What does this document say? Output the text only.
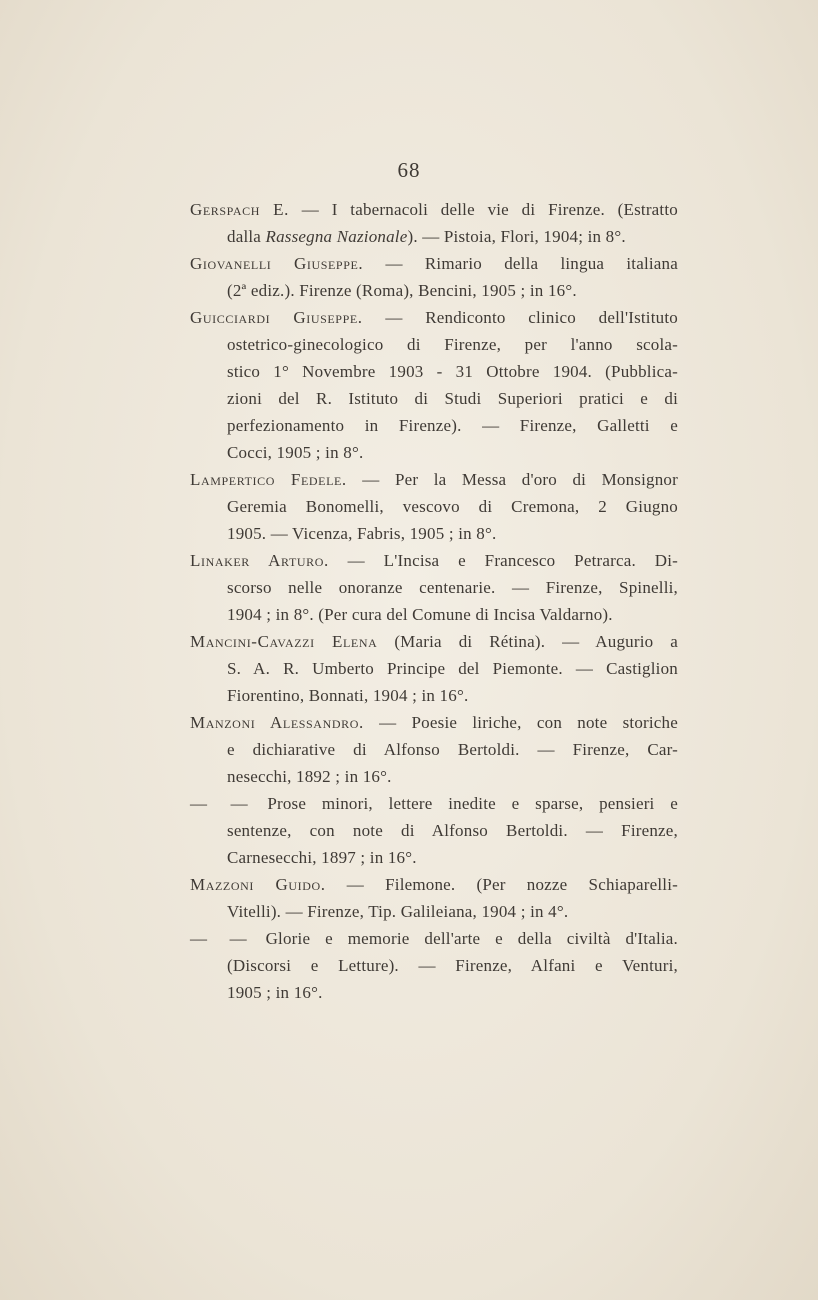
68
Gerspach E. — I tabernacoli delle vie di Firenze. (Estratto
dalla Rassegna Nazionale). — Pistoia, Flori, 1904; in 8°.
Giovanelli Giuseppe. — Rimario della lingua italiana
(2ª ediz.). Firenze (Roma), Bencini, 1905 ; in 16°.
Guicciardi Giuseppe. — Rendiconto clinico dell'Istituto
ostetrico-ginecologico di Firenze, per l'anno scola-
stico 1° Novembre 1903 - 31 Ottobre 1904. (Pubblica-
zioni del R. Istituto di Studi Superiori pratici e di
perfezionamento in Firenze). — Firenze, Galletti e
Cocci, 1905 ; in 8°.
Lampertico Fedele. — Per la Messa d'oro di Monsignor
Geremia Bonomelli, vescovo di Cremona, 2 Giugno
1905. — Vicenza, Fabris, 1905 ; in 8°.
Linaker Arturo. — L'Incisa e Francesco Petrarca. Di-
scorso nelle onoranze centenarie. — Firenze, Spinelli,
1904 ; in 8°. (Per cura del Comune di Incisa Valdarno).
Mancini-Cavazzi Elena (Maria di Rétina). — Augurio a
S. A. R. Umberto Principe del Piemonte. — Castiglion
Fiorentino, Bonnati, 1904 ; in 16°.
Manzoni Alessandro. — Poesie liriche, con note storiche
e dichiarative di Alfonso Bertoldi. — Firenze, Car-
nesecchi, 1892 ; in 16°.
— — Prose minori, lettere inedite e sparse, pensieri e
sentenze, con note di Alfonso Bertoldi. — Firenze,
Carnesecchi, 1897 ; in 16°.
Mazzoni Guido. — Filemone. (Per nozze Schiaparelli-
Vitelli). — Firenze, Tip. Galileiana, 1904 ; in 4°.
— — Glorie e memorie dell'arte e della civiltà d'Italia.
(Discorsi e Letture). — Firenze, Alfani e Venturi,
1905 ; in 16°.
